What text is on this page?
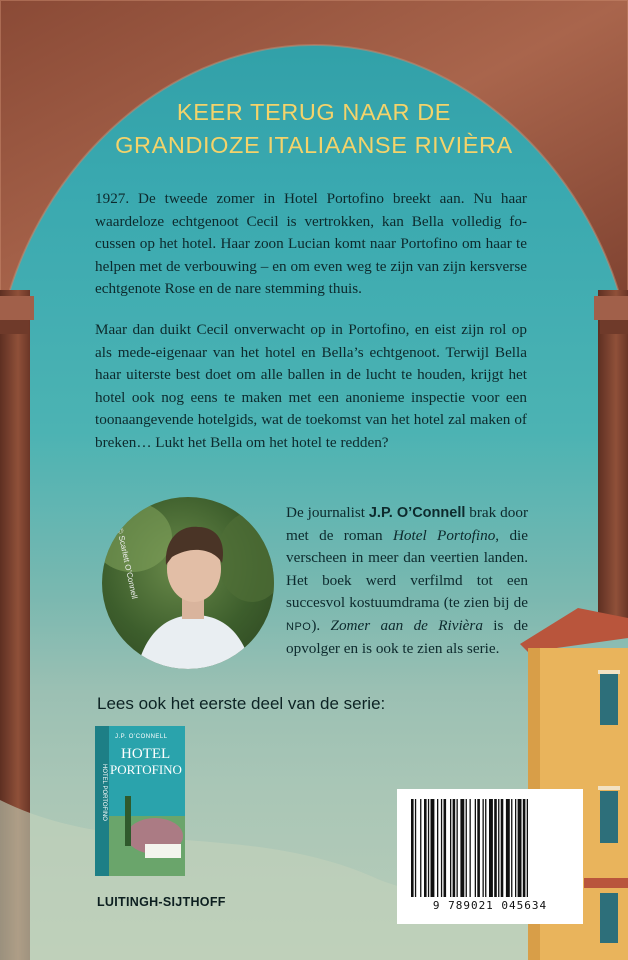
KEER TERUG NAAR DE
GRANDIOZE ITALIAANSE RIVIÈRA

1927. De tweede zomer in Hotel Portofino breekt aan. Nu haar waardeloze echtgenoot Cecil is vertrokken, kan Bella volledig focussen op het hotel. Haar zoon Lucian komt naar Portofino om haar te helpen met de verbouwing – en om even weg te zijn van zijn kersverse echtgenote Rose en de nare stemming thuis.

Maar dan duikt Cecil onverwacht op in Portofino, en eist zijn rol op als mede-eigenaar van het hotel en Bella’s echtgenoot. Terwijl Bella haar uiterste best doet om alle ballen in de lucht te houden, krijgt het hotel ook nog eens te maken met een anonieme inspectie voor een toonaangevende hotelgids, wat de toekomst van het hotel zal maken of breken… Lukt het Bella om het hotel te redden?

© Scarlett O’Connell

De journalist J.P. O’Connell brak door met de roman Hotel Portofino, die verscheen in meer dan veertien landen. Het boek werd verfilmd tot een succesvol kostuumdrama (te zien bij de NPO). Zomer aan de Rivièra is de opvolger en is ook te zien als serie.

Lees ook het eerste deel van de serie:
J.P. O’CONNELL
HOTEL
PORTOFINO
HOTEL PORTOFINO
LUITINGH-SIJTHOFF	9 789021 045634
